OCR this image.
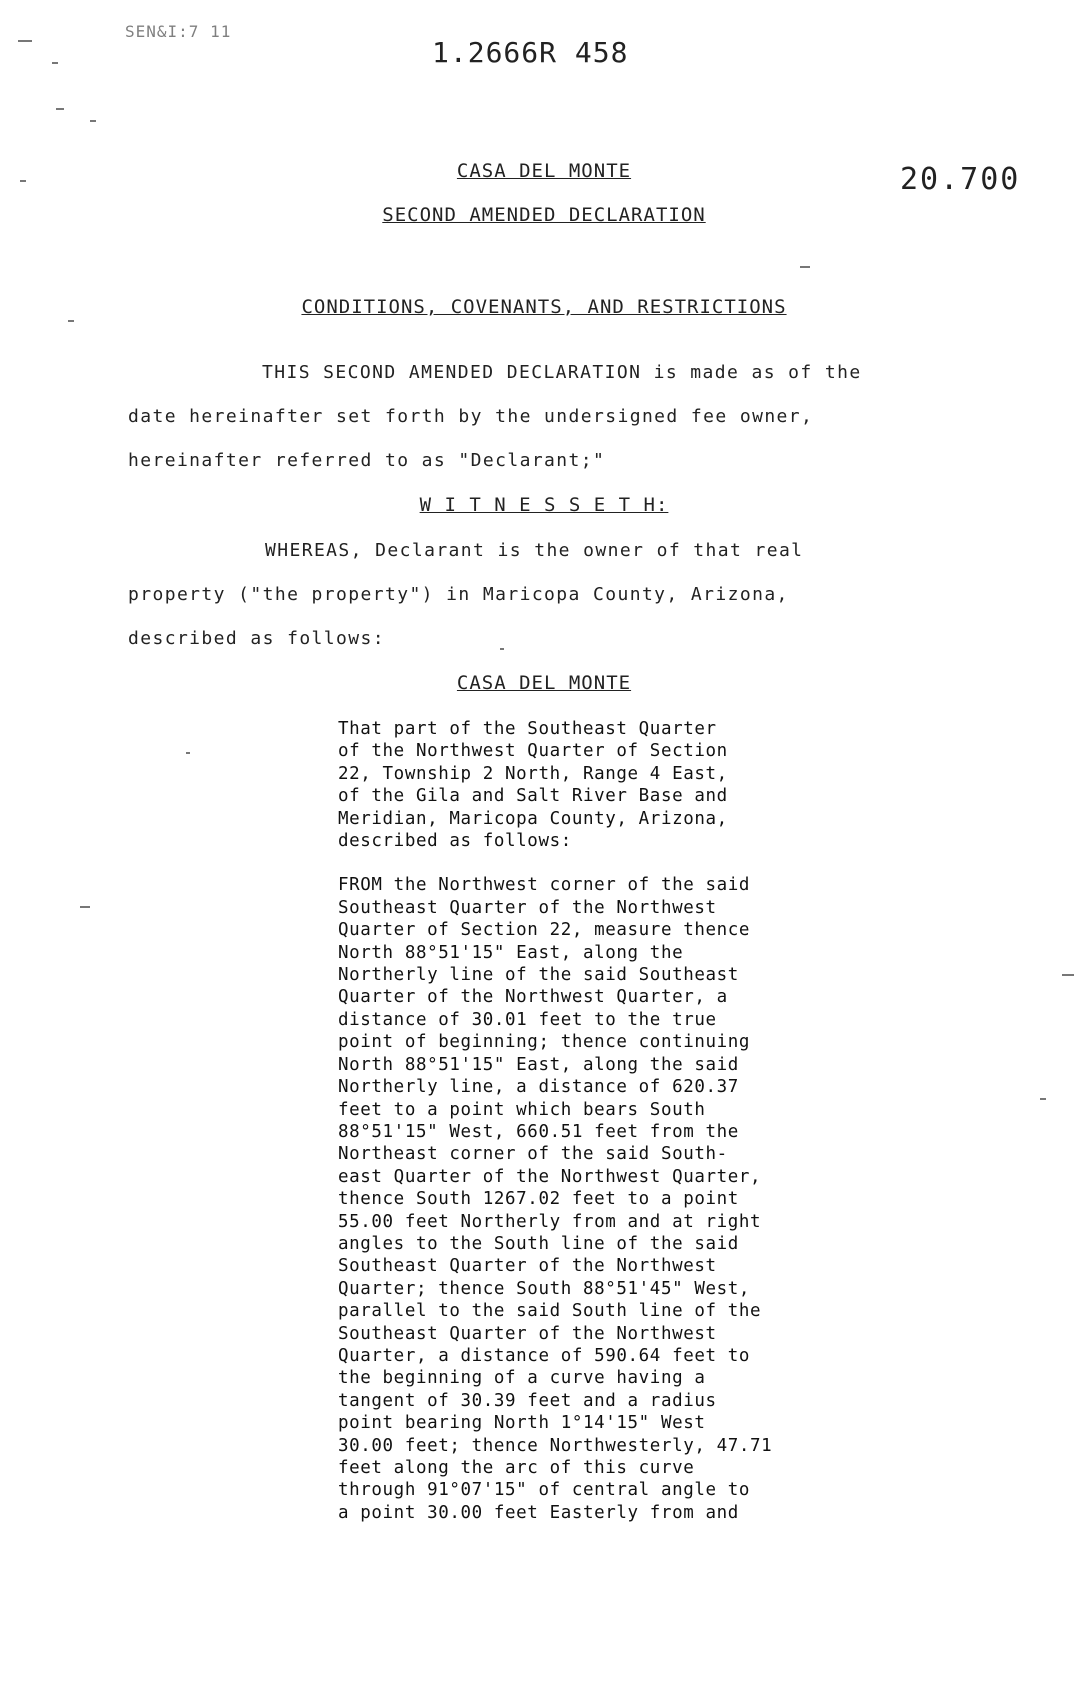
SEN&I:7 11
1.2666R 458
20.700
CASA DEL MONTE
SECOND AMENDED DECLARATION
CONDITIONS, COVENANTS, AND RESTRICTIONS
THIS SECOND AMENDED DECLARATION is made as of the
date hereinafter set forth by the undersigned fee owner,
hereinafter referred to as "Declarant;"
W I T N E S S E T H:
WHEREAS, Declarant is the owner of that real
property ("the property") in Maricopa County, Arizona,
described as follows:
CASA DEL MONTE

That part of the Southeast Quarter
of the Northwest Quarter of Section
22, Township 2 North, Range 4 East,
of the Gila and Salt River Base and
Meridian, Maricopa County, Arizona,
described as follows:

FROM the Northwest corner of the said
Southeast Quarter of the Northwest
Quarter of Section 22, measure thence
North 88°51'15" East, along the
Northerly line of the said Southeast
Quarter of the Northwest Quarter, a
distance of 30.01 feet to the true
point of beginning; thence continuing
North 88°51'15" East, along the said
Northerly line, a distance of 620.37
feet to a point which bears South
88°51'15" West, 660.51 feet from the
Northeast corner of the said South-
east Quarter of the Northwest Quarter,
thence South 1267.02 feet to a point
55.00 feet Northerly from and at right
angles to the South line of the said
Southeast Quarter of the Northwest
Quarter; thence South 88°51'45" West,
parallel to the said South line of the
Southeast Quarter of the Northwest
Quarter, a distance of 590.64 feet to
the beginning of a curve having a
tangent of 30.39 feet and a radius
point bearing North 1°14'15" West
30.00 feet; thence Northwesterly, 47.71
feet along the arc of this curve
through 91°07'15" of central angle to
a point 30.00 feet Easterly from and
